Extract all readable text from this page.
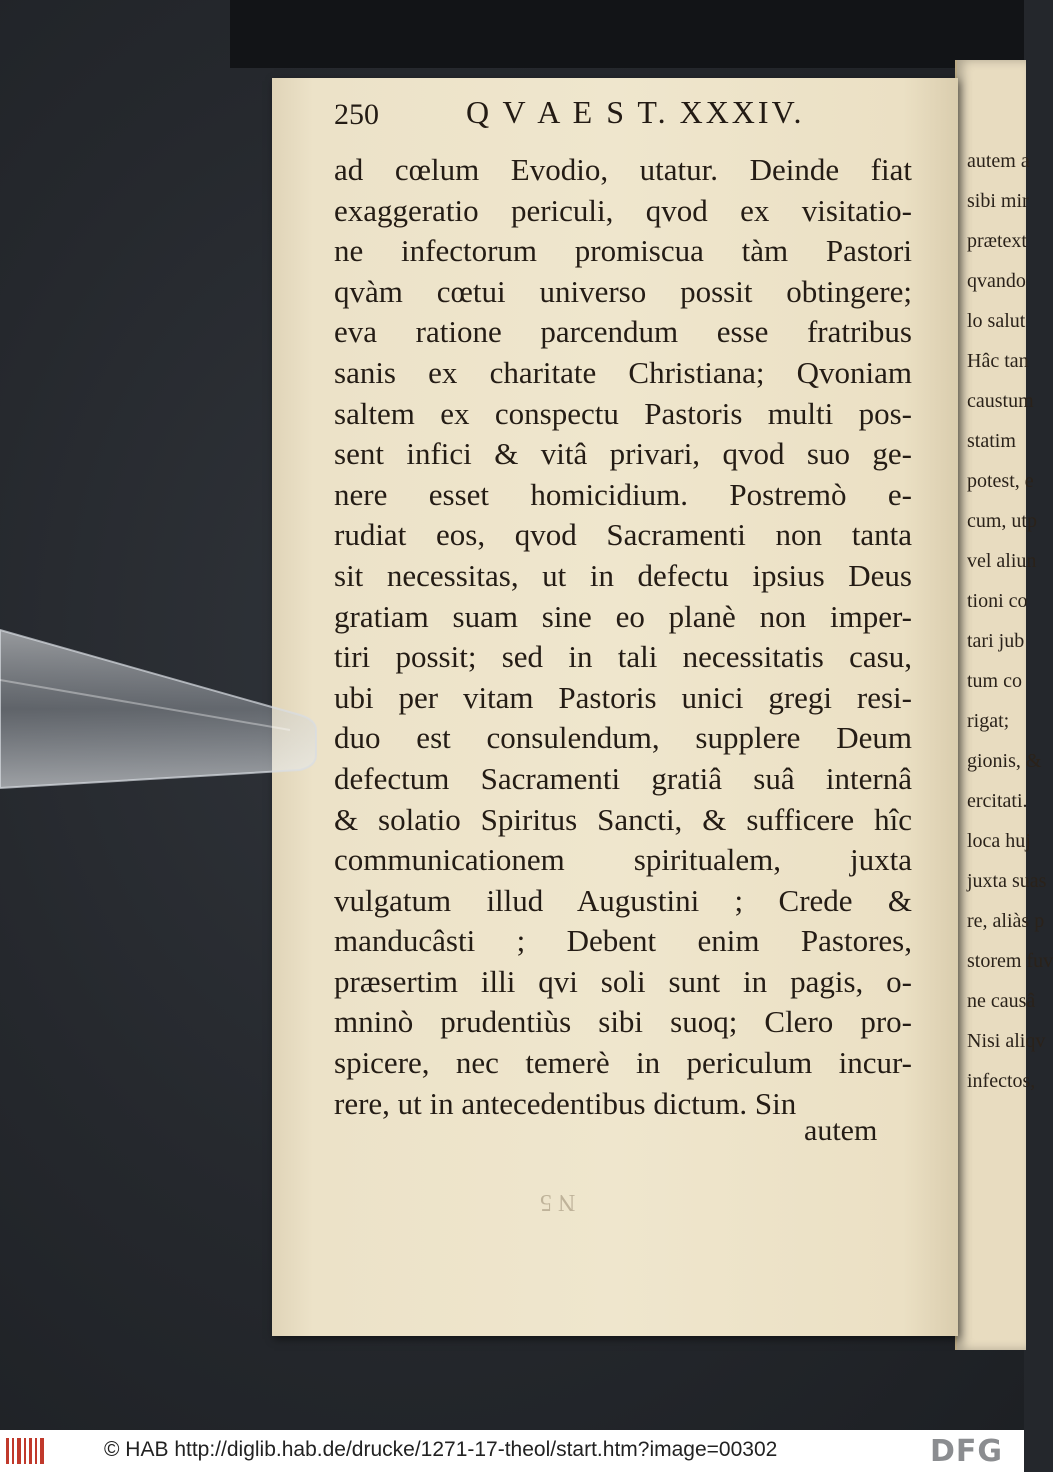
autem a
sibi mir
prætext
qvando
lo salut
Hâc tan
caustum
statim
potest, e
cum, utp
vel aliun
tioni co
tari jub
tum co
rigat;
gionis, &
ercitati.
loca huj
juxta suas
re, aliàs p
storem fuv
ne causâ
Nisi aliqv
infectos,
250	Q V A E S T. XXXIV.
ad cœlum Evodio, utatur. Deinde fiat
exaggeratio periculi, qvod ex visitatio-
ne infectorum promiscua tàm Pastori
qvàm cœtui universo possit obtingere;
eva ratione parcendum esse fratribus
sanis ex charitate Christiana; Qvoniam
saltem ex conspectu Pastoris multi pos-
sent infici & vitâ privari, qvod suo ge-
nere esset homicidium. Postremò e-
rudiat eos, qvod Sacramenti non tanta
sit necessitas, ut in defectu ipsius Deus
gratiam suam sine eo planè non imper-
tiri possit; sed in tali necessitatis casu,
ubi per vitam Pastoris unici gregi resi-
duo est consulendum, supplere Deum
defectum Sacramenti gratiâ suâ internâ
& solatio Spiritus Sancti, & sufficere hîc
communicationem spiritualem, juxta
vulgatum illud Augustini ; Crede &
manducâsti ; Debent enim Pastores,
præsertim illi qvi soli sunt in pagis, o-
mninò prudentiùs sibi suoq; Clero pro-
spicere, nec temerè in periculum incur-
rere, ut in antecedentibus dictum. Sin
autem
N 5
© HAB http://diglib.hab.de/drucke/1271-17-theol/start.htm?image=00302	DFG
